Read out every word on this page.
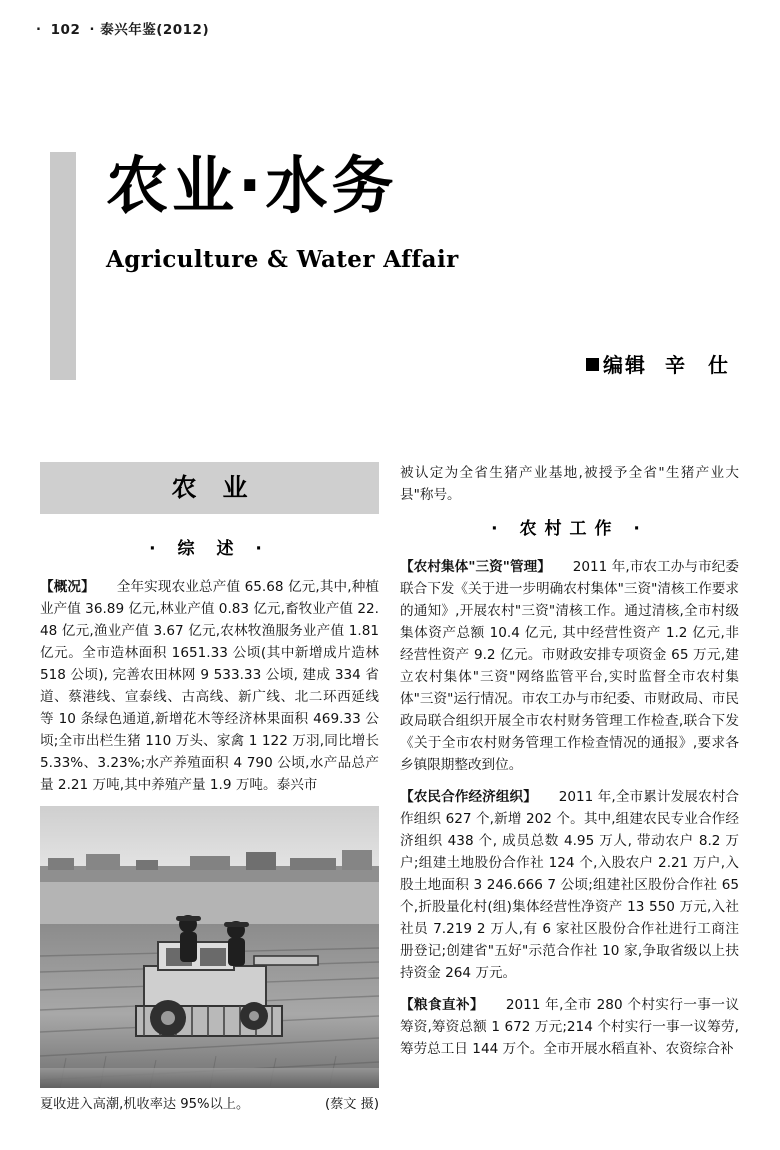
· 102 · 泰兴年鉴(2012)
农业·水务
Agriculture & Water Affair
编辑 辛 仕
农业
· 综 述 ·

【概况】 全年实现农业总产值 65.68 亿元,其中,种植业产值 36.89 亿元,林业产值 0.83 亿元,畜牧业产值 22.48 亿元,渔业产值 3.67 亿元,农林牧渔服务业产值 1.81 亿元。全市造林面积 1651.33 公顷(其中新增成片造林 518 公顷), 完善农田林网 9 533.33 公顷, 建成 334 省道、蔡港线、宣泰线、古高线、新广线、北二环西延线等 10 条绿色通道,新增花木等经济林果面积 469.33 公顷;全市出栏生猪 110 万头、家禽 1 122 万羽,同比增长 5.33%、3.23%;水产养殖面积 4 790 公顷,水产品总产量 2.21 万吨,其中养殖产量 1.9 万吨。泰兴市

夏收进入高潮,机收率达 95%以上。	(蔡文 摄)

被认定为全省生猪产业基地,被授予全省"生猪产业大县"称号。

· 农村工作 ·

【农村集体"三资"管理】 2011 年,市农工办与市纪委联合下发《关于进一步明确农村集体"三资"清核工作要求的通知》,开展农村"三资"清核工作。通过清核,全市村级集体资产总额 10.4 亿元, 其中经营性资产 1.2 亿元,非经营性资产 9.2 亿元。市财政安排专项资金 65 万元,建立农村集体"三资"网络监管平台,实时监督全市农村集体"三资"运行情况。市农工办与市纪委、市财政局、市民政局联合组织开展全市农村财务管理工作检查,联合下发《关于全市农村财务管理工作检查情况的通报》,要求各乡镇限期整改到位。

【农民合作经济组织】 2011 年,全市累计发展农村合作组织 627 个,新增 202 个。其中,组建农民专业合作经济组织 438 个, 成员总数 4.95 万人, 带动农户 8.2 万户;组建土地股份合作社 124 个,入股农户 2.21 万户,入股土地面积 3 246.666 7 公顷;组建社区股份合作社 65 个,折股量化村(组)集体经营性净资产 13 550 万元,入社社员 7.219 2 万人,有 6 家社区股份合作社进行工商注册登记;创建省"五好"示范合作社 10 家,争取省级以上扶持资金 264 万元。

【粮食直补】 2011 年,全市 280 个村实行一事一议筹资,筹资总额 1 672 万元;214 个村实行一事一议筹劳,筹劳总工日 144 万个。全市开展水稻直补、农资综合补
